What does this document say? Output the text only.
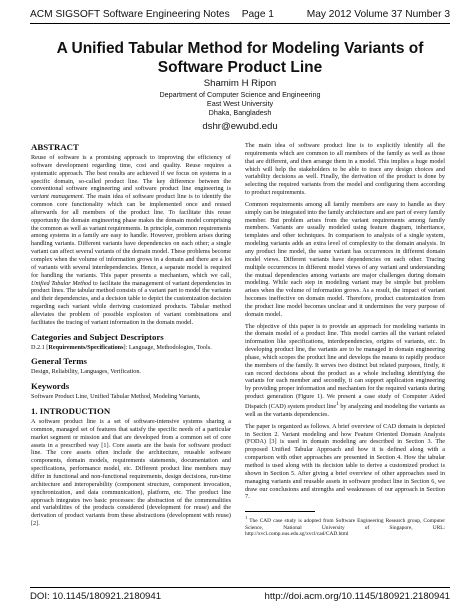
ACM SIGSOFT Software Engineering Notes Page 1	May 2012 Volume 37 Number 3
A Unified Tabular Method for Modeling Variants of Software Product Line
Shamim H Ripon
Department of Computer Science and Engineering
East West University
Dhaka, Bangladesh
dshr@ewubd.edu
ABSTRACT

Reuse of software is a promising approach to improving the efficiency of software development regarding time, cost and quality. Reuse requires a systematic approach. The best results are achieved if we focus on systems in a specific domain, so-called product line. The key difference between the conventional software engineering and software product line engineering is variant management. The main idea of software product line is to identify the common core functionality which can be implemented once and reused afterwards for all members of the product line. To facilitate this reuse opportunity the domain engineering phase makes the domain model comprising the common as well as variant requirements. In principle, common requirements among systems in a family are easy to handle. However, problem arises during handling variants. Different variants have dependencies on each other; a single variant can affect several variants of the domain model. These problems become complex when the volume of information grows in a domain and there are a lot of variants with several interdependencies. Hence, a separate model is required for handling the variants. This paper presents a mechanism, which we call, Unified Tabular Method to facilitate the management of variant dependencies in product lines. The tabular method consists of a variant part to model the variants and their dependencies, and a decision table to depict the customization decision regarding each variant while deriving customized products. Tabular method alleviates the problem of possible explosion of variant combinations and facilitates the tracing of variant information in the domain model.

Categories and Subject Descriptors

D.2.1 [Requirements/Specifications]: Language, Methodologies, Tools.

General Terms

Design, Reliability, Languages, Verification.

Keywords

Software Product Line, Unified Tabular Method, Modeling Variants,

1. INTRODUCTION

A software product line is a set of software-intensive systems sharing a common, managed set of features that satisfy the specific needs of a particular market segment or mission and that are developed from a common set of core assets in a prescribed way [1]. Core assets are the basis for software product line. The core assets often include the architecture, reusable software components, domain models, requirements statements, documentation and specifications, performance model, etc. Different product line members may differ in functional and non-functional requirements, design decisions, run-time architecture and interoperability (component structure, component invocation, synchronization, and data communication), platform, etc. The product line approach integrates two basic processes: the abstraction of the commonalities and variabilities of the products considered (development for reuse) and the derivation of product variants from these abstractions (development with reuse) [2].

The main idea of software product line is to explicitly identify all the requirements which are common to all members of the family as well as those that are different, and then arrange them in a model. This implies a huge model which will help the stakeholders to be able to trace any design choices and variability decisions as well. Finally, the derivation of the product is done by selecting the required variants from the model and configuring them according to product requirements.

Common requirements among all family members are easy to handle as they simply can be integrated into the family architecture and are part of every family member. But problem arises from the variant requirements among family members. Variants are usually modeled using feature diagram, inheritance, templates and other techniques. In comparison to analysis of a single system, modeling variants adds an extra level of complexity to the domain analysis. In any product line model, the same variant has occurrences in different domain model views. Different variants have dependencies on each other. Tracing multiple occurrences in different model views of any variant and understanding the mutual dependencies among variants are major challenges during domain modeling. While each step in modeling variant may be simple but problem arises when the volume of information grows. As a result, the impact of variant becomes ineffective on domain model. Therefore, product customization from the product line model becomes unclear and it undermines the very purpose of domain model.

The objective of this paper is to provide an approach for modeling variants in the domain model of a product line. This model carries all the variant related information like specifications, interdependencies, origins of variants, etc. In developing product line, the variants are to be managed in domain engineering phase, which scopes the product line and develops the means to rapidly produce the members of the family. It serves two distinct but related purposes, firstly, it can record decisions about the product as a whole including identifying the variants for each member and secondly, it can support application engineering by providing proper information and mechanism for the required variants during product generation (Figure 1). We present a case study of Computer Aided Dispatch (CAD) system product line$^1$ by analyzing and modeling the variants as well as the variants dependencies.

The paper is organized as follows. A brief overview of CAD domain is depicted in Section 2. Variant modeling and how Feature Oriented Domain Analysis (FODA) [3] is used in domain modeling are described in Section 3. The proposed Unified Tabular Approach and how it is defined along with a comparison with other approaches are presented in Section 4. How the tabular method is used along with its decision table to derive a customized product is shown in Section 5. After giving a brief overview of other approaches used in managing variants and reusable assets in software product line in Section 6, we draw our conclusions and strengths and weaknesses of our approach in Section 7.

$^1$ The CAD case study is adopted from Software Engineering Research group, Computer Science, National University of Singapore, URL: http://xvcl.comp.nus.edu.sg/xvcl/cad/CAD.html

DOI: 10.1145/180921.2180941	http://doi.acm.org/10.1145/180921.2180941
